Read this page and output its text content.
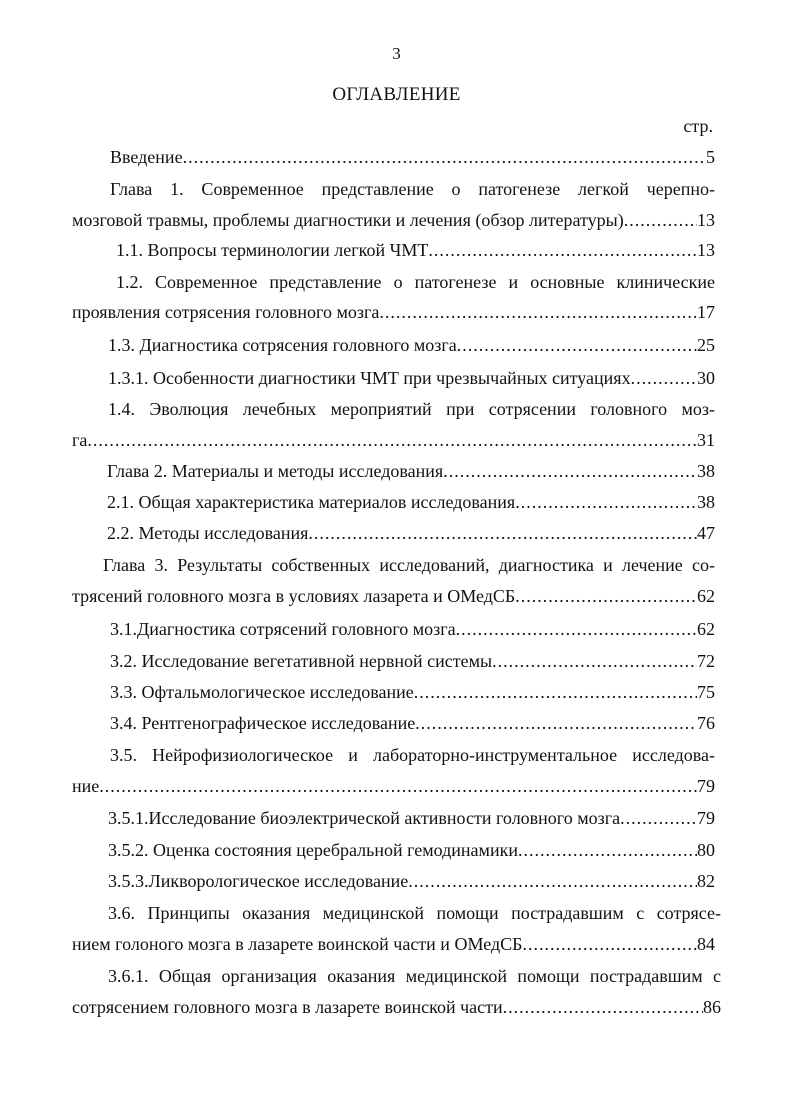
3
ОГЛАВЛЕНИЕ
стр.
Введение .....	5
Глава 1. Современное представление о патогенезе легкой черепно-
мозговой травмы, проблемы диагностики и лечения (обзор литературы) .....	13
1.1. Вопросы терминологии легкой ЧМТ .....	13
1.2. Современное представление о патогенезе и основные клинические
проявления сотрясения головного мозга .....	17
1.3. Диагностика сотрясения головного мозга .....	25
1.3.1. Особенности диагностики ЧМТ при чрезвычайных ситуациях .....	30
1.4. Эволюция лечебных мероприятий при сотрясении головного моз-
га .....	31
Глава 2. Материалы и методы исследования .....	38
2.1. Общая характеристика материалов исследования .....	38
2.2. Методы исследования .....	47
Глава 3. Результаты собственных исследований, диагностика и лечение со-
трясений головного мозга в условиях лазарета и ОМедСБ .....	62
3.1.Диагностика сотрясений головного мозга .....	62
3.2. Исследование вегетативной нервной системы .....	72
3.3. Офтальмологическое исследование .....	75
3.4. Рентгенографическое исследование .....	76
3.5. Нейрофизиологическое и лабораторно-инструментальное исследова-
ние .....	79
3.5.1.Исследование биоэлектрической активности головного мозга .....	79
3.5.2. Оценка состояния церебральной гемодинамики .....	80
3.5.3.Ликворологическое исследование .....	82
3.6. Принципы оказания медицинской помощи пострадавшим с сотрясе-
нием голоного мозга в лазарете воинской части и ОМедСБ .....	84
3.6.1. Общая организация оказания медицинской помощи пострадавшим с
сотрясением головного мозга в лазарете воинской части .....	86
